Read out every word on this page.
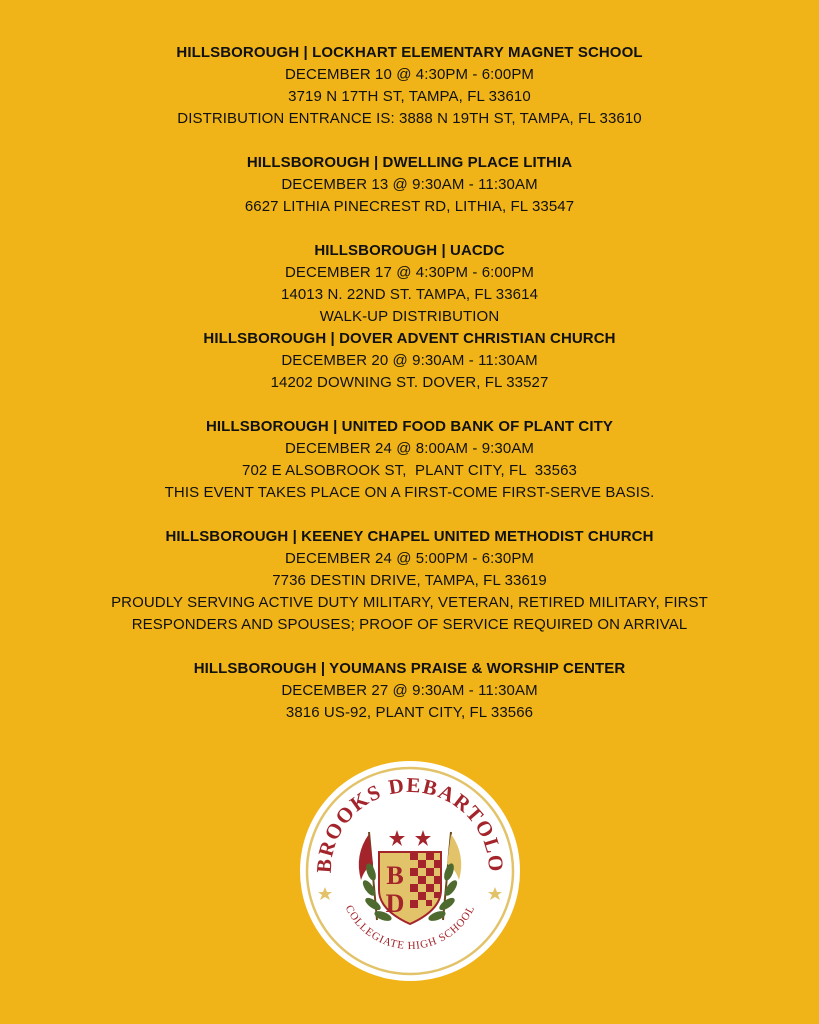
HILLSBOROUGH | LOCKHART ELEMENTARY MAGNET SCHOOL
DECEMBER 10 @ 4:30PM - 6:00PM
3719 N 17TH ST, TAMPA, FL 33610
DISTRIBUTION ENTRANCE IS: 3888 N 19TH ST, TAMPA, FL 33610
HILLSBOROUGH | DWELLING PLACE LITHIA
DECEMBER 13 @ 9:30AM - 11:30AM
6627 LITHIA PINECREST RD, LITHIA, FL 33547
HILLSBOROUGH | UACDC
DECEMBER 17 @ 4:30PM - 6:00PM
14013 N. 22ND ST. TAMPA, FL 33614
WALK-UP DISTRIBUTION
HILLSBOROUGH | DOVER ADVENT CHRISTIAN CHURCH
DECEMBER 20 @ 9:30AM - 11:30AM
14202 DOWNING ST. DOVER, FL 33527
HILLSBOROUGH | UNITED FOOD BANK OF PLANT CITY
DECEMBER 24 @ 8:00AM - 9:30AM
702 E ALSOBROOK ST,  PLANT CITY, FL  33563
THIS EVENT TAKES PLACE ON A FIRST-COME FIRST-SERVE BASIS.
HILLSBOROUGH | KEENEY CHAPEL UNITED METHODIST CHURCH
DECEMBER 24 @ 5:00PM - 6:30PM
7736 DESTIN DRIVE, TAMPA, FL 33619
PROUDLY SERVING ACTIVE DUTY MILITARY, VETERAN, RETIRED MILITARY, FIRST RESPONDERS AND SPOUSES; PROOF OF SERVICE REQUIRED ON ARRIVAL
HILLSBOROUGH | YOUMANS PRAISE & WORSHIP CENTER
DECEMBER 27 @ 9:30AM - 11:30AM
3816 US-92, PLANT CITY, FL 33566
BROOKS DEBARTOLO
COLLEGIATE HIGH SCHOOL
B
D
